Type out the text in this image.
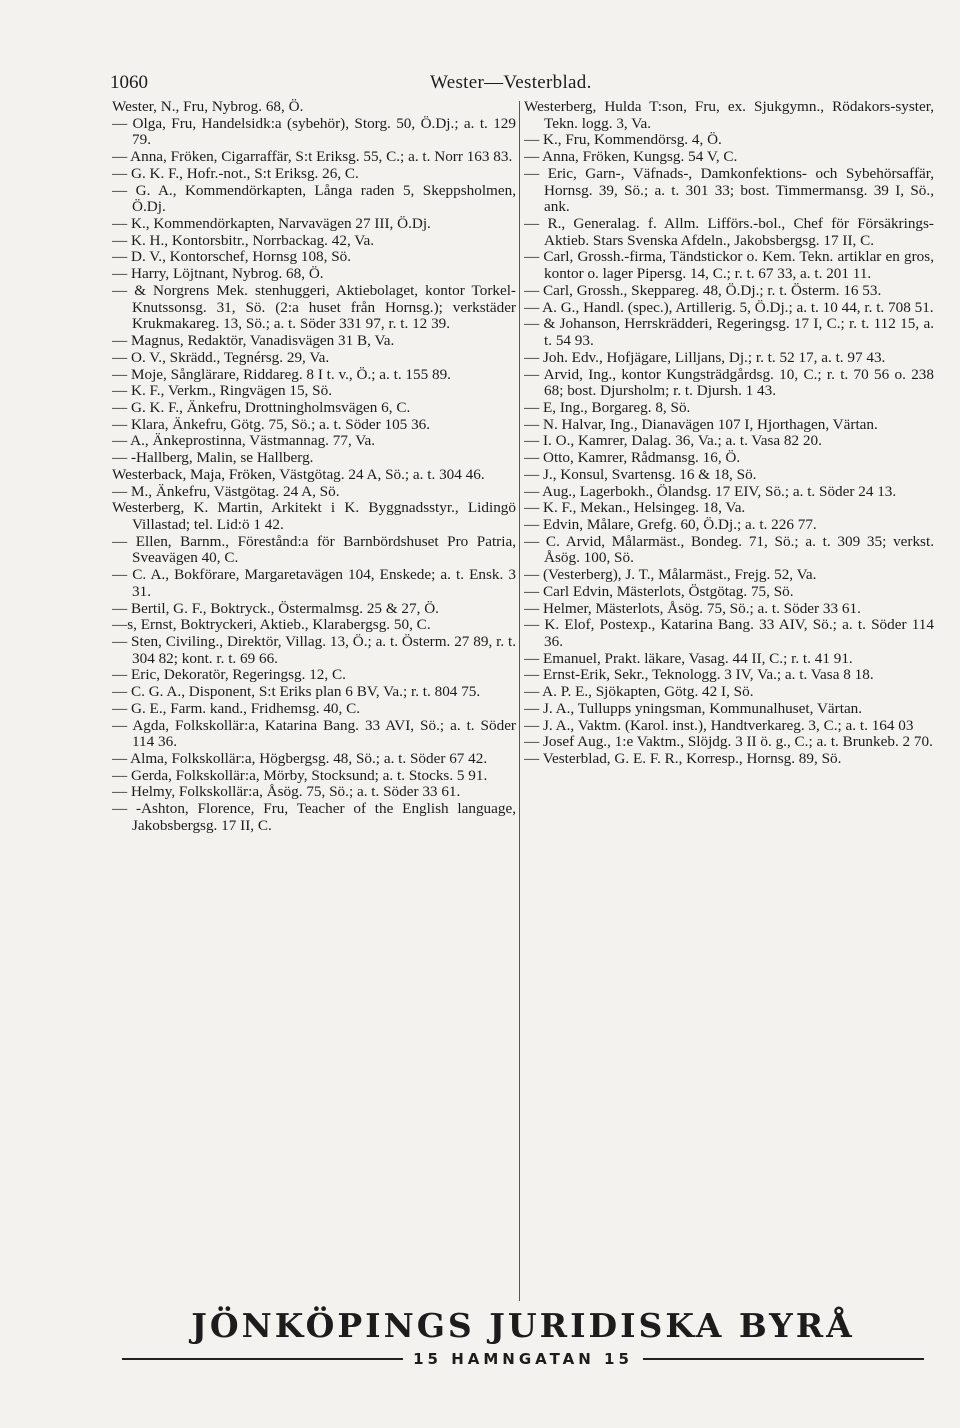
1060	Wester—Vesterblad.

Wester, N., Fru, Nybrog. 68, Ö.

— Olga, Fru, Handelsidk:a (sybehör), Storg. 50, Ö.Dj.; a. t. 129 79.

— Anna, Fröken, Cigarraffär, S:t Eriksg. 55, C.; a. t. Norr 163 83.

— G. K. F., Hofr.-not., S:t Eriksg. 26, C.

— G. A., Kommendörkapten, Långa raden 5, Skeppsholmen, Ö.Dj.

— K., Kommendörkapten, Narvavägen 27 III, Ö.Dj.

— K. H., Kontorsbitr., Norrbackag. 42, Va.

— D. V., Kontorschef, Hornsg 108, Sö.

— Harry, Löjtnant, Nybrog. 68, Ö.

— & Norgrens Mek. stenhuggeri, Aktiebolaget, kontor Torkel-Knutssonsg. 31, Sö. (2:a huset från Hornsg.); verkstäder Krukmakareg. 13, Sö.; a. t. Söder 331 97, r. t. 12 39.

— Magnus, Redaktör, Vanadisvägen 31 B, Va.

— O. V., Skrädd., Tegnérsg. 29, Va.

— Moje, Sånglärare, Riddareg. 8 I t. v., Ö.; a. t. 155 89.

— K. F., Verkm., Ringvägen 15, Sö.

— G. K. F., Änkefru, Drottningholmsvägen 6, C.

— Klara, Änkefru, Götg. 75, Sö.; a. t. Söder 105 36.

— A., Änkeprostinna, Västmannag. 77, Va.

— -Hallberg, Malin, se Hallberg.

Westerback, Maja, Fröken, Västgötag. 24 A, Sö.; a. t. 304 46.

— M., Änkefru, Västgötag. 24 A, Sö.

Westerberg, K. Martin, Arkitekt i K. Byggnadsstyr., Lidingö Villastad; tel. Lid:ö 1 42.

— Ellen, Barnm., Förestånd:a för Barnbördshuset Pro Patria, Sveavägen 40, C.

— C. A., Bokförare, Margaretavägen 104, Enskede; a. t. Ensk. 3 31.

— Bertil, G. F., Boktryck., Östermalmsg. 25 & 27, Ö.

—s, Ernst, Boktryckeri, Aktieb., Klarabergsg. 50, C.

— Sten, Civiling., Direktör, Villag. 13, Ö.; a. t. Österm. 27 89, r. t. 304 82; kont. r. t. 69 66.

— Eric, Dekoratör, Regeringsg. 12, C.

— C. G. A., Disponent, S:t Eriks plan 6 BV, Va.; r. t. 804 75.

— G. E., Farm. kand., Fridhemsg. 40, C.

— Agda, Folkskollär:a, Katarina Bang. 33 AVI, Sö.; a. t. Söder 114 36.

— Alma, Folkskollär:a, Högbergsg. 48, Sö.; a. t. Söder 67 42.

— Gerda, Folkskollär:a, Mörby, Stocksund; a. t. Stocks. 5 91.

— Helmy, Folkskollär:a, Åsög. 75, Sö.; a. t. Söder 33 61.

— -Ashton, Florence, Fru, Teacher of the English language, Jakobsbergsg. 17 II, C.

Westerberg, Hulda T:son, Fru, ex. Sjukgymn., Rödakors-syster, Tekn. logg. 3, Va.

— K., Fru, Kommendörsg. 4, Ö.

— Anna, Fröken, Kungsg. 54 V, C.

— Eric, Garn-, Väfnads-, Damkonfektions- och Sybehörsaffär, Hornsg. 39, Sö.; a. t. 301 33; bost. Timmermansg. 39 I, Sö., ank.

— R., Generalag. f. Allm. Lifförs.-bol., Chef för Försäkrings-Aktieb. Stars Svenska Afdeln., Jakobsbergsg. 17 II, C.

— Carl, Grossh.-firma, Tändstickor o. Kem. Tekn. artiklar en gros, kontor o. lager Pipersg. 14, C.; r. t. 67 33, a. t. 201 11.

— Carl, Grossh., Skeppareg. 48, Ö.Dj.; r. t. Österm. 16 53.

— A. G., Handl. (spec.), Artillerig. 5, Ö.Dj.; a. t. 10 44, r. t. 708 51.

— & Johanson, Herrskrädderi, Regeringsg. 17 I, C.; r. t. 112 15, a. t. 54 93.

— Joh. Edv., Hofjägare, Lilljans, Dj.; r. t. 52 17, a. t. 97 43.

— Arvid, Ing., kontor Kungsträdgårdsg. 10, C.; r. t. 70 56 o. 238 68; bost. Djursholm; r. t. Djursh. 1 43.

— E, Ing., Borgareg. 8, Sö.

— N. Halvar, Ing., Dianavägen 107 I, Hjorthagen, Värtan.

— I. O., Kamrer, Dalag. 36, Va.; a. t. Vasa 82 20.

— Otto, Kamrer, Rådmansg. 16, Ö.

— J., Konsul, Svartensg. 16 & 18, Sö.

— Aug., Lagerbokh., Ölandsg. 17 EIV, Sö.; a. t. Söder 24 13.

— K. F., Mekan., Helsingeg. 18, Va.

— Edvin, Målare, Grefg. 60, Ö.Dj.; a. t. 226 77.

— C. Arvid, Målarmäst., Bondeg. 71, Sö.; a. t. 309 35; verkst. Åsög. 100, Sö.

— (Vesterberg), J. T., Målarmäst., Frejg. 52, Va.

— Carl Edvin, Mästerlots, Östgötag. 75, Sö.

— Helmer, Mästerlots, Åsög. 75, Sö.; a. t. Söder 33 61.

— K. Elof, Postexp., Katarina Bang. 33 AIV, Sö.; a. t. Söder 114 36.

— Emanuel, Prakt. läkare, Vasag. 44 II, C.; r. t. 41 91.

— Ernst-Erik, Sekr., Teknologg. 3 IV, Va.; a. t. Vasa 8 18.

— A. P. E., Sjökapten, Götg. 42 I, Sö.

— J. A., Tullupps yningsman, Kommunalhuset, Värtan.

— J. A., Vaktm. (Karol. inst.), Handtverkareg. 3, C.; a. t. 164 03

— Josef Aug., 1:e Vaktm., Slöjdg. 3 II ö. g., C.; a. t. Brunkeb. 2 70.

— Vesterblad, G. E. F. R., Korresp., Hornsg. 89, Sö.

JÖNKÖPINGS JURIDISKA BYRÅ
15 HAMNGATAN 15
